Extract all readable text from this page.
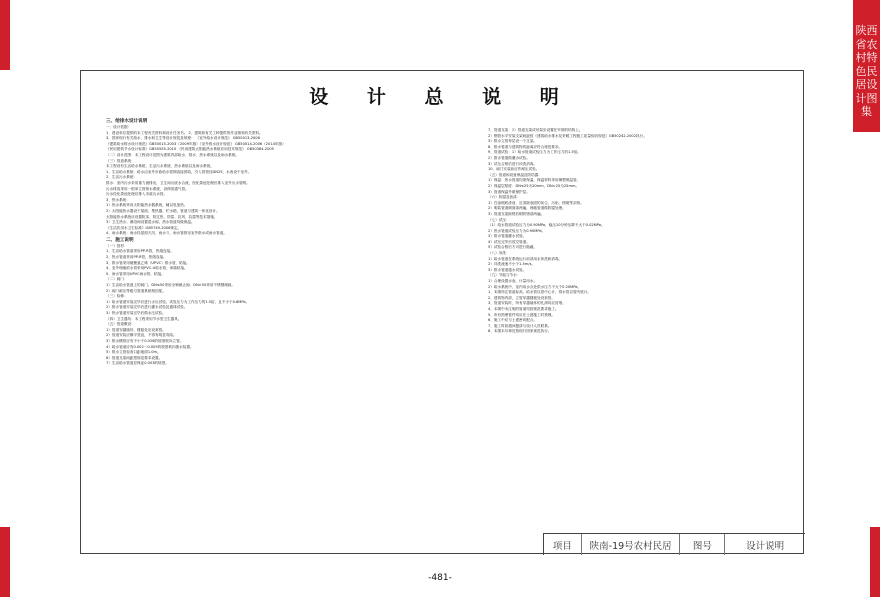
陕西省农村特色民居设计图集
设 计 总 说 明
三、给排水设计说明
一、设计依据：
1、建设单位提供的本工程有关资料和设计任务书。 2、建筑和有关工种提供的作业图和有关资料。
3、国家现行有关给水、排水和卫生等设计规范及规程： 《室外给水设计规范》 GB50013-2006
《建筑给水排水设计规范》GB50015-2003（2009年版）《室外排水设计规范》 GB50014-2006（2014年版）
《民用建筑节水设计标准》GB50555-2010 《民用建筑太阳能热水系统应用技术规范》 GB50364-2005
（二）设计范围：本工程设计范围为建筑内部给水、排水、热水系统以及雨水系统。
（三）管道系统：
本工程设有生活给水系统、生活污水系统、热水系统以及雨水系统。
1、生活给水系统：给水由室外市政给水管网直接供给，引入管管径DN25，水表设于室外。
2、生活污水系统：
排水：室内污水采用重力流排出，卫生间污废水合流，经化粪池处理后排入室外污水管网。
污水排放采用一根单立管排水系统，设伸顶通气管。
污水经化粪池处理后排入市政污水管。
3、热水系统：
1）热水系统采用太阳能热水器系统，辅以电加热。
2）太阳能热水器设于屋面，集热器、贮水箱、管道与建筑一体化设计。
太阳能热水系统应设置防冻、防过热、防雷、抗风、抗震等技术措施。
3）卫生热水、淋浴间设置混水阀，热水管道均做保温。
《生活饮用水卫生标准》GB5749-2006规定。
4、雨水系统：雨水经屋面天沟、雨水斗、雨水管排至室外散水或雨水管道。
二、施工说明
（一）管材：
1、生活给水管道采用PP-R管，热熔连接。
2、热水管道采用PP-R管，热熔连接。
3、排水管采用硬聚氯乙烯（UPVC）排水管，粘接。
4、室外埋地给水管采用PVC-U给水管，承插粘接。
5、雨水管采用UPVC雨水管，粘接。
（二）阀门：
1）生活给水管道上的阀门，DN≤50采用全铜截止阀；DN>50采用不锈钢闸阀。
2）阀门耐压等级与管道系统相匹配。
（三）检修：
1）给水管道安装完毕后进行水压试验，试验压力为工作压力的1.5倍，且不小于0.6MPa。
2）排水管道安装完毕后进行灌水试验及通球试验。
3）热水管道安装完毕后做水压试验。
（四）卫生器具：本工程采用节水型卫生器具。
（五）管道敷设：
1）管道穿越墙体、楼板处应设套管。
2）管道安装应横平竖直，不得有明显弯曲。
3）排水横管应有不小于0.026的坡度坡向立管。
4）给水管道应有0.002～0.005的坡度坡向泄水装置。
5）排水立管检查口距地面1.0m。
6）管道支架间距按规范要求设置。
7）生活给水管道应保证0.003的坡度。
7、管道支架：1）管道支架或吊架应设置在牢固的结构上。
2）钢管水平安装支架间距按《建筑给水排水及采暖工程施工质量验收规范》GB50242-2002执行。
3）排水立管每层设一个支架。
8、排水管道与建筑物的距离应符合规范要求。
9、管道试验：1）给水管道试验压力为工作压力的1.5倍。
2）排水管道做灌水试验。
3）试压合格后进行冲洗消毒。
10、阀门安装前应作耐压试验。
（五）管道和设备保温及防结露：
1）保温：热水管道均需保温，保温材料采用橡塑保温管。
2）保温层厚度：DN≤25为20mm，DN>25为25mm。
3）管道保温外做保护层。
（六）防腐及油漆：
1）在涂刷底漆前，应清除表面的灰尘、污垢、锈斑等杂物。
2）明装管道刷面漆两遍，埋地管道做防腐处理。
3）管道支架除锈后刷防锈漆两遍。
（七）试压：
（1）给水管道试验压力为0.90MPa，稳压10分钟压降不大于0.02MPa。
2）热水管道试验压力为0.90MPa。
3）排水管道灌水试验。
4）试压完毕后放空管道。
5）试验合格后方可进行隐蔽。
（八）冲洗：
1）给水管道在系统运行前须用水冲洗和消毒。
2）冲洗流速不小于1.5m/s。
3）排水管道通水试验。
（九）节能与节水：
1）合理设置水表，计量用水。
2）给水系统中，室内用水点处供水压力不大于0.20MPa。
1、本图所注管道标高，给水管以管中心计，排水管以管内底计。
2、建筑物内部，立管穿越楼板处设套管。
3、管道安装时，所有穿越墙体的孔洞均应封堵。
4、本图中未注明的管道均按规范要求施工。
5、所有预埋管件均应在土建施工时预埋。
6、施工中应与土建密切配合。
7、施工时如遇问题请与设计人员联系。
8、本图未尽事宜按现行国家规范执行。
项目	陕南-19号农村民居	图号	设计说明
-481-
